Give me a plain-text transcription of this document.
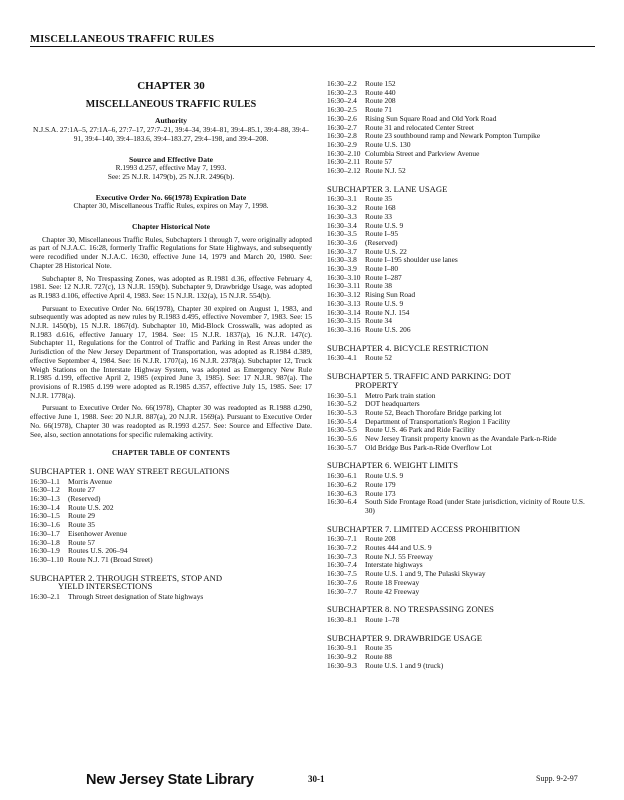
MISCELLANEOUS TRAFFIC RULES
CHAPTER 30
MISCELLANEOUS TRAFFIC RULES
Authority
N.J.S.A. 27:1A–5, 27:1A–6, 27:7–17, 27:7–21, 39:4–34, 39:4–81, 39:4–85.1, 39:4–88, 39:4–91, 39:4–140, 39:4–183.6, 39:4–183.27, 29:4–198, and 39:4–208.
Source and Effective Date
R.1993 d.257, effective May 7, 1993.
See: 25 N.J.R. 1479(b), 25 N.J.R. 2496(b).
Executive Order No. 66(1978) Expiration Date
Chapter 30, Miscellaneous Traffic Rules, expires on May 7, 1998.
Chapter Historical Note

Chapter 30, Miscellaneous Traffic Rules, Subchapters 1 through 7, were originally adopted as part of N.J.A.C. 16:28, formerly Traffic Regulations for State Highways, and subsequently were recodified under N.J.A.C. 16:30, effective June 14, 1979 and March 20, 1980. See: Chapter 28 Historical Note.

Subchapter 8, No Trespassing Zones, was adopted as R.1981 d.36, effective February 4, 1981. See: 12 N.J.R. 727(c), 13 N.J.R. 159(b). Subchapter 9, Drawbridge Usage, was adopted as R.1983 d.106, effective April 4, 1983. See: 15 N.J.R. 132(a), 15 N.J.R. 554(b).

Pursuant to Executive Order No. 66(1978), Chapter 30 expired on August 1, 1983, and subsequently was adopted as new rules by R.1983 d.495, effective November 7, 1983. See: 15 N.J.R. 1450(b), 15 N.J.R. 1867(d). Subchapter 10, Mid-Block Crosswalk, was adopted as R.1983 d.616, effective January 17, 1984. See: 15 N.J.R. 1837(a), 16 N.J.R. 147(c). Subchapter 11, Regulations for the Control of Traffic and Parking in Rest Areas under the Jurisdiction of the New Jersey Department of Transportation, was adopted as R.1984 d.389, effective September 4, 1984. See: 16 N.J.R. 1707(a), 16 N.J.R. 2378(a). Subchapter 12, Truck Weigh Stations on the Interstate Highway System, was adopted as Emergency New Rule R.1985 d.199, effective April 2, 1985 (expired June 3, 1985). See: 17 N.J.R. 987(a). The provisions of R.1985 d.199 were adopted as R.1985 d.357, effective July 15, 1985. See: 17 N.J.R. 1778(a).

Pursuant to Executive Order No. 66(1978), Chapter 30 was readopted as R.1988 d.290, effective June 1, 1988. See: 20 N.J.R. 887(a), 20 N.J.R. 1569(a). Pursuant to Executive Order No. 66(1978), Chapter 30 was readopted as R.1993 d.257. See: Source and Effective Date. See, also, section annotations for specific rulemaking activity.

CHAPTER TABLE OF CONTENTS
SUBCHAPTER 1. ONE WAY STREET REGULATIONS
16:30–1.1	Morris Avenue
16:30–1.2	Route 27
16:30–1.3	(Reserved)
16:30–1.4	Route U.S. 202
16:30–1.5	Route 29
16:30–1.6	Route 35
16:30–1.7	Eisenhower Avenue
16:30–1.8	Route 57
16:30–1.9	Routes U.S. 206–94
16:30–1.10 Route N.J. 71 (Broad Street)
SUBCHAPTER 2. THROUGH STREETS, STOP AND
YIELD INTERSECTIONS
16:30–2.1	Through Street designation of State highways
16:30–2.2	Route 152
16:30–2.3	Route 440
16:30–2.4	Route 208
16:30–2.5	Route 71
16:30–2.6	Rising Sun Square Road and Old York Road
16:30–2.7	Route 31 and relocated Center Street
16:30–2.8	Route 23 southbound ramp and Newark Pompton Turnpike
16:30–2.9	Route U.S. 130
16:30–2.10 Columbia Street and Parkview Avenue
16:30–2.11 Route 57
16:30–2.12 Route N.J. 52
SUBCHAPTER 3. LANE USAGE
16:30–3.1	Route 35
16:30–3.2	Route 168
16:30–3.3	Route 33
16:30–3.4	Route U.S. 9
16:30–3.5	Route I–95
16:30–3.6	(Reserved)
16:30–3.7	Route U.S. 22
16:30–3.8	Route I–195 shoulder use lanes
16:30–3.9	Route I–80
16:30–3.10 Route I–287
16:30–3.11 Route 38
16:30–3.12 Rising Sun Road
16:30–3.13 Route U.S. 9
16:30–3.14 Route N.J. 154
16:30–3.15 Route 34
16:30–3.16 Route U.S. 206
SUBCHAPTER 4. BICYCLE RESTRICTION
16:30–4.1	Route 52
SUBCHAPTER 5. TRAFFIC AND PARKING: DOT
PROPERTY
16:30–5.1	Metro Park train station
16:30–5.2	DOT headquarters
16:30–5.3	Route 52, Beach Thorofare Bridge parking lot
16:30–5.4	Department of Transportation's Region 1 Facility
16:30–5.5	Route U.S. 46 Park and Ride Facility
16:30–5.6	New Jersey Transit property known as the Avandale Park-n-Ride
16:30–5.7	Old Bridge Bus Park-n-Ride Overflow Lot
SUBCHAPTER 6. WEIGHT LIMITS
16:30–6.1	Route U.S. 9
16:30–6.2	Route 179
16:30–6.3	Route 173
16:30–6.4	South Side Frontage Road (under State jurisdiction, vicinity of Route U.S. 30)
SUBCHAPTER 7. LIMITED ACCESS PROHIBITION
16:30–7.1	Route 208
16:30–7.2	Routes 444 and U.S. 9
16:30–7.3	Route N.J. 55 Freeway
16:30–7.4	Interstate highways
16:30–7.5	Route U.S. 1 and 9, The Pulaski Skyway
16:30–7.6	Route 18 Freeway
16:30–7.7	Route 42 Freeway
SUBCHAPTER 8. NO TRESPASSING ZONES
16:30–8.1	Route 1–78
SUBCHAPTER 9. DRAWBRIDGE USAGE
16:30–9.1	Route 35
16:30–9.2	Route 88
16:30–9.3	Route U.S. 1 and 9 (truck)
New Jersey State Library	30-1	Supp. 9-2-97
